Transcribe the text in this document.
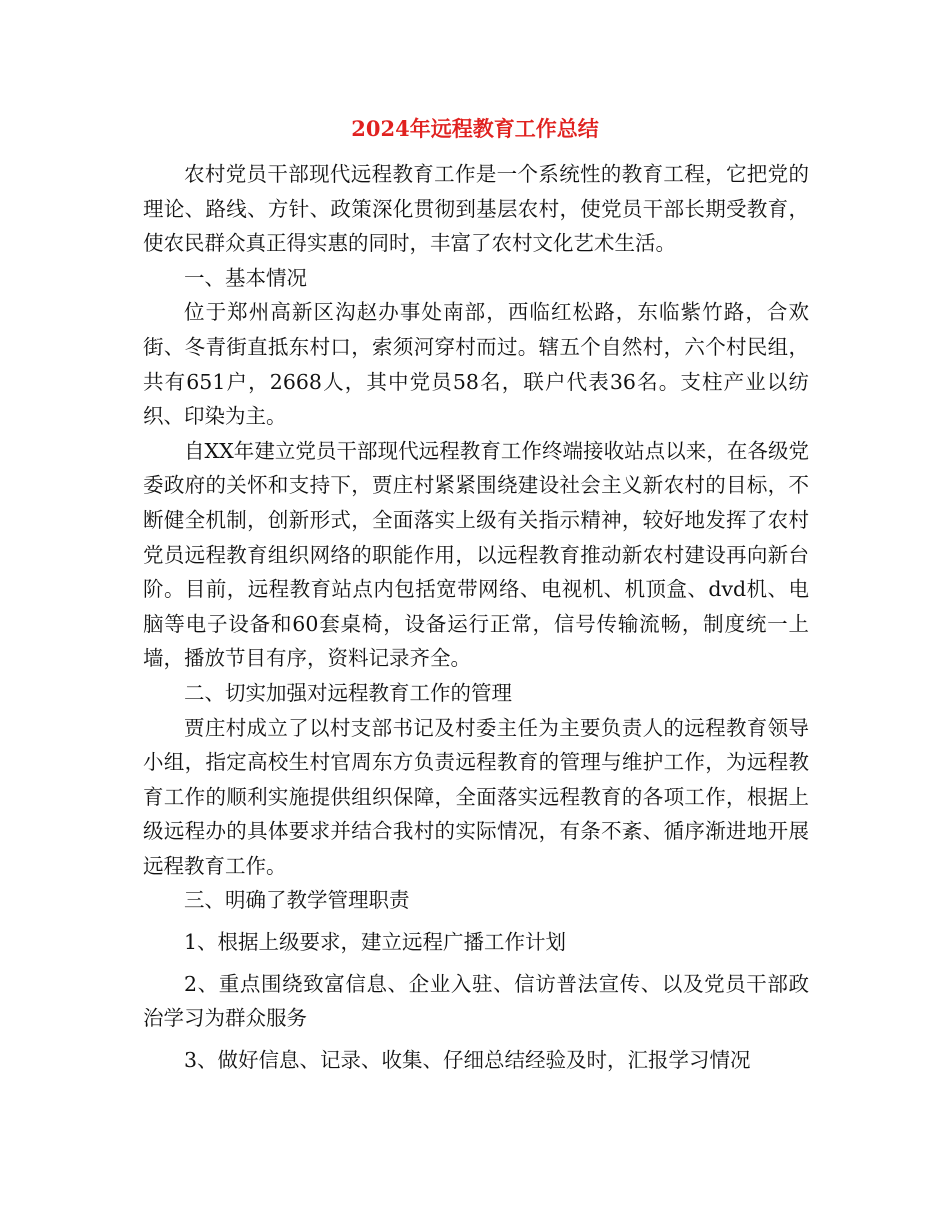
2024年远程教育工作总结

农村党员干部现代远程教育工作是一个系统性的教育工程，它把党的理论、路线、方针、政策深化贯彻到基层农村，使党员干部长期受教育，使农民群众真正得实惠的同时，丰富了农村文化艺术生活。

一、基本情况

位于郑州高新区沟赵办事处南部，西临红松路，东临紫竹路，合欢街、冬青街直抵东村口，索须河穿村而过。辖五个自然村，六个村民组，共有651户，2668人，其中党员58名，联户代表36名。支柱产业以纺织、印染为主。

自XX年建立党员干部现代远程教育工作终端接收站点以来，在各级党委政府的关怀和支持下，贾庄村紧紧围绕建设社会主义新农村的目标，不断健全机制，创新形式，全面落实上级有关指示精神，较好地发挥了农村党员远程教育组织网络的职能作用，以远程教育推动新农村建设再向新台阶。目前，远程教育站点内包括宽带网络、电视机、机顶盒、dvd机、电脑等电子设备和60套桌椅，设备运行正常，信号传输流畅，制度统一上墙，播放节目有序，资料记录齐全。

二、切实加强对远程教育工作的管理

贾庄村成立了以村支部书记及村委主任为主要负责人的远程教育领导小组，指定高校生村官周东方负责远程教育的管理与维护工作，为远程教育工作的顺利实施提供组织保障，全面落实远程教育的各项工作，根据上级远程办的具体要求并结合我村的实际情况，有条不紊、循序渐进地开展远程教育工作。

三、明确了教学管理职责

1、根据上级要求，建立远程广播工作计划

2、重点围绕致富信息、企业入驻、信访普法宣传、以及党员干部政治学习为群众服务

3、做好信息、记录、收集、仔细总结经验及时，汇报学习情况
